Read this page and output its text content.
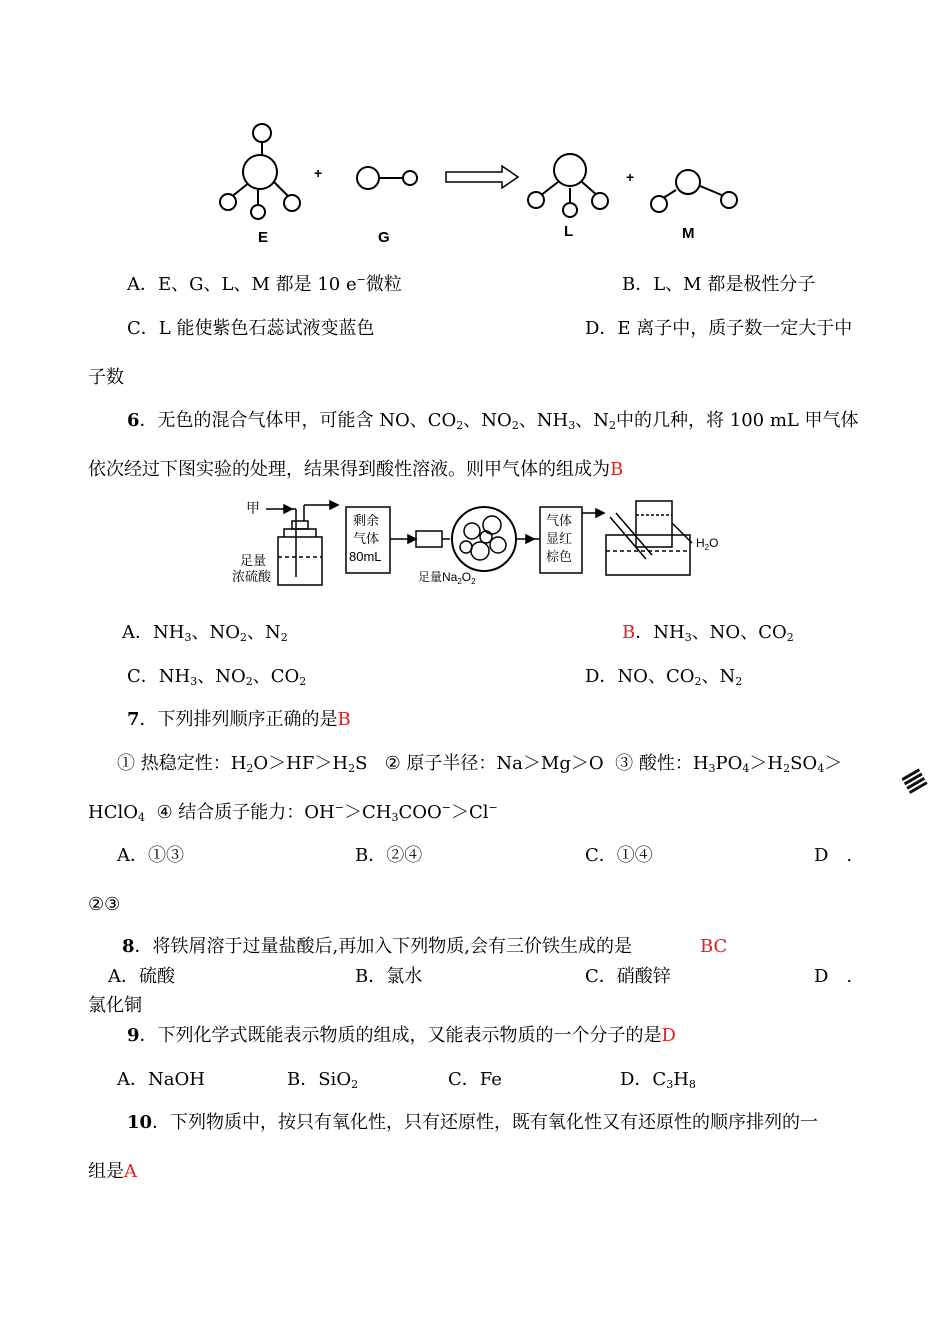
+	+
E	G	L	M
A．E、G、L、M 都是 10 e−微粒	B．L、M 都是极性分子
C．L 能使紫色石蕊试液变蓝色	D．E 离子中，质子数一定大于中
子数
6．无色的混合气体甲，可能含 NO、$CO_2$、$NO_2$、$NH_3$、$N_2$中的几种，将 100 mL 甲气体
依次经过下图实验的处理，结果得到酸性溶液。则甲气体的组成为B
甲
足量
浓硫酸
剩余
气体
80mL
足量$Na_2O_2$
气体
显红
棕色
$H_2O$
A．$NH_3$、$NO_2$、$N_2$	B．$NH_3$、NO、$CO_2$
C．$NH_3$、$NO_2$、$CO_2$	D．NO、$CO_2$、$N_2$
7．下列排列顺序正确的是B
① 热稳定性：$H_2O>HF>H_2S$ ② 原子半径：Na＞Mg＞O ③ 酸性：$H_3PO_4>H_2SO_4>$
HClO$_4$ ④ 结合质子能力：$OH^->CH_3COO^->Cl^-$
A．①③	B．②④	C．①④	D　.
②③
8．将铁屑溶于过量盐酸后,再加入下列物质,会有三价铁生成的是	BC
A．硫酸	B．氯水	C．硝酸锌	D　.
氯化铜
9．下列化学式既能表示物质的组成，又能表示物质的一个分子的是D
A．NaOH	B．SiO$_2$	C．Fe	D．$C_3H_8$
10．下列物质中，按只有氧化性，只有还原性，既有氧化性又有还原性的顺序排列的一
组是A
